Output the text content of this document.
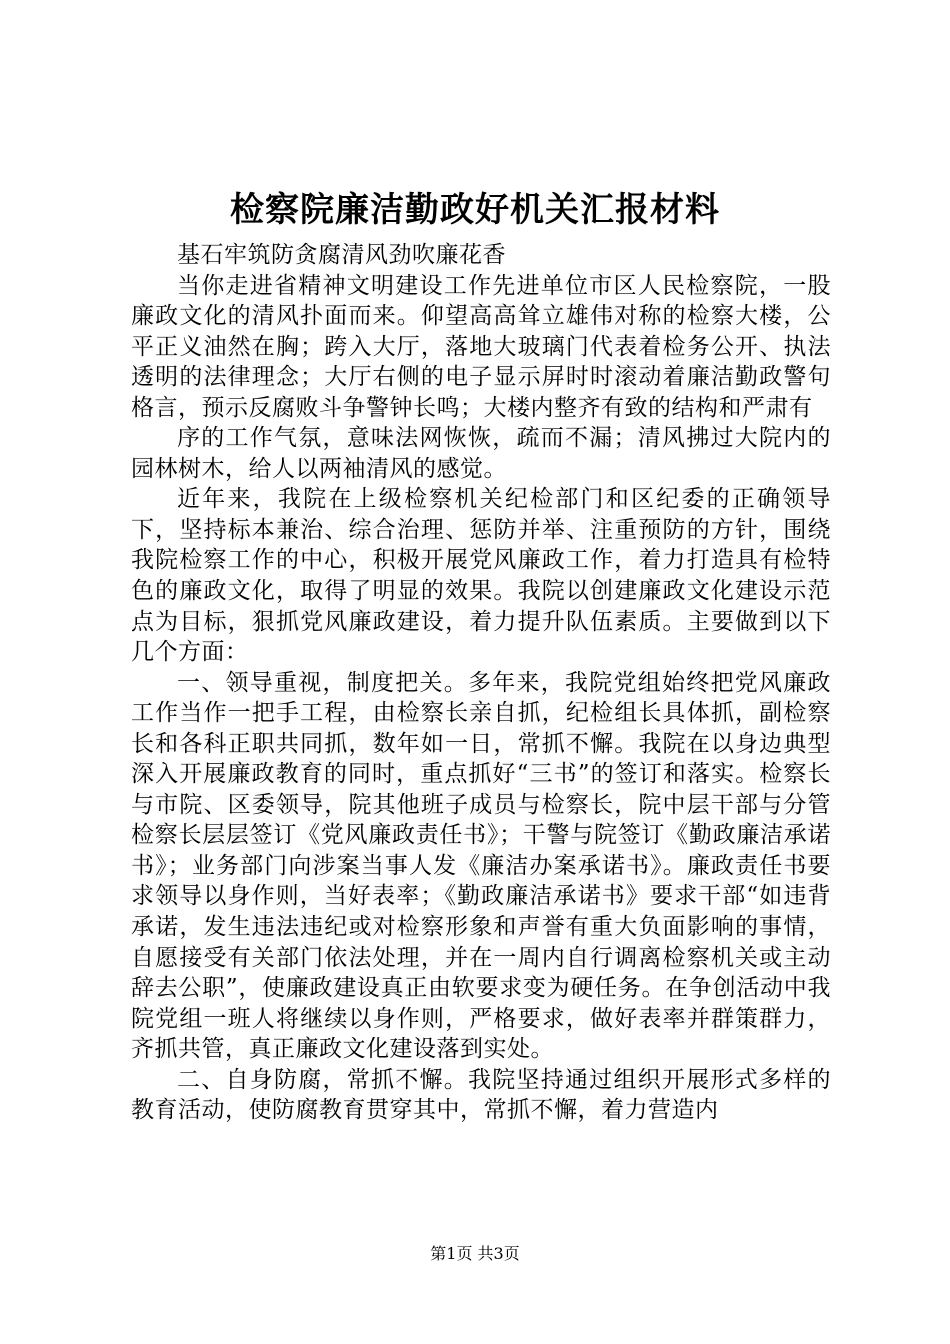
检察院廉洁勤政好机关汇报材料

基石牢筑防贪腐清风劲吹廉花香

当你走进省精神文明建设工作先进单位市区人民检察院，一股廉政文化的清风扑面而来。仰望高高耸立雄伟对称的检察大楼，公平正义油然在胸；跨入大厅，落地大玻璃门代表着检务公开、执法透明的法律理念；大厅右侧的电子显示屏时时滚动着廉洁勤政警句格言，预示反腐败斗争警钟长鸣；大楼内整齐有致的结构和严肃有

序的工作气氛，意味法网恢恢，疏而不漏；清风拂过大院内的园林树木，给人以两袖清风的感觉。

近年来，我院在上级检察机关纪检部门和区纪委的正确领导下，坚持标本兼治、综合治理、惩防并举、注重预防的方针，围绕我院检察工作的中心，积极开展党风廉政工作，着力打造具有检特色的廉政文化，取得了明显的效果。我院以创建廉政文化建设示范点为目标，狠抓党风廉政建设，着力提升队伍素质。主要做到以下几个方面：

一、领导重视，制度把关。多年来，我院党组始终把党风廉政工作当作一把手工程，由检察长亲自抓，纪检组长具体抓，副检察长和各科正职共同抓，数年如一日，常抓不懈。我院在以身边典型深入开展廉政教育的同时，重点抓好“三书”的签订和落实。检察长与市院、区委领导，院其他班子成员与检察长，院中层干部与分管检察长层层签订《党风廉政责任书》；干警与院签订《勤政廉洁承诺书》；业务部门向涉案当事人发《廉洁办案承诺书》。廉政责任书要求领导以身作则，当好表率；《勤政廉洁承诺书》要求干部“如违背承诺，发生违法违纪或对检察形象和声誉有重大负面影响的事情，自愿接受有关部门依法处理，并在一周内自行调离检察机关或主动辞去公职”，使廉政建设真正由软要求变为硬任务。在争创活动中我院党组一班人将继续以身作则，严格要求，做好表率并群策群力，齐抓共管，真正廉政文化建设落到实处。

二、自身防腐，常抓不懈。我院坚持通过组织开展形式多样的教育活动，使防腐教育贯穿其中，常抓不懈，着力营造内

第1页 共3页
